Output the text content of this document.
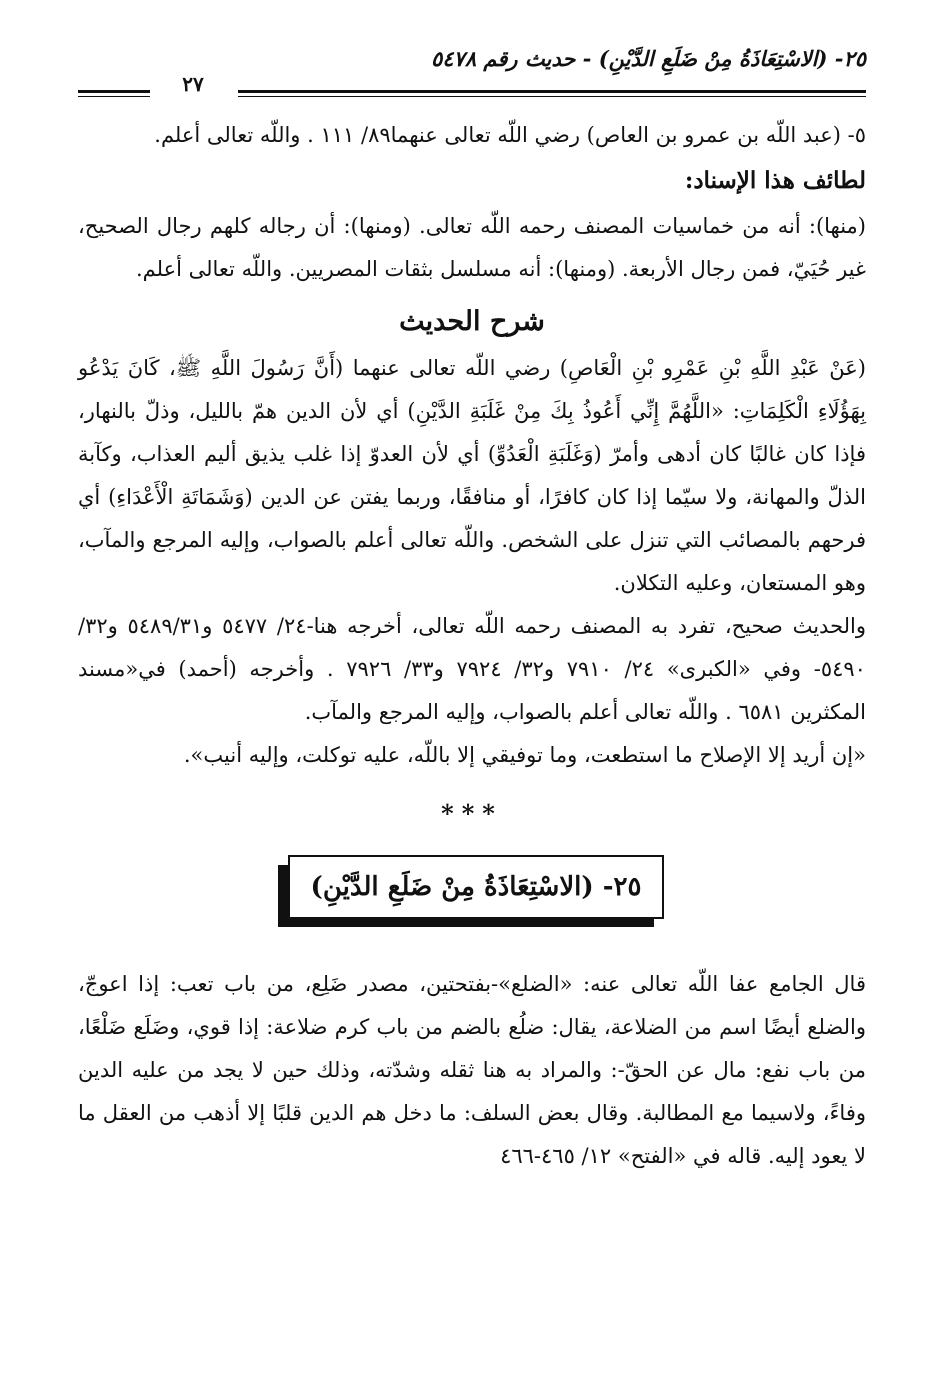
٢٥- (الاسْتِعَاذَةُ مِنْ ضَلَعِ الدَّيْنِ) - حديث رقم ٥٤٧٨
٢٧

٥- (عبد اللّه بن عمرو بن العاص) رضي اللّه تعالى عنهما٨٩/ ١١١ . واللّه تعالى أعلم.

لطائف هذا الإسناد:

(منها): أنه من خماسيات المصنف رحمه اللّه تعالى. (ومنها): أن رجاله كلهم رجال الصحيح، غير حُيَيّ، فمن رجال الأربعة. (ومنها): أنه مسلسل بثقات المصريين. واللّه تعالى أعلم.

شرح الحديث

(عَنْ عَبْدِ اللَّهِ بْنِ عَمْرِو بْنِ الْعَاصِ) رضي اللّه تعالى عنهما (أَنَّ رَسُولَ اللَّهِ ﷺ، كَانَ يَدْعُو بِهَؤُلَاءِ الْكَلِمَاتِ: «اللَّهُمَّ إِنِّي أَعُوذُ بِكَ مِنْ غَلَبَةِ الدَّيْنِ) أي لأن الدين همّ بالليل، وذلّ بالنهار، فإذا كان غالبًا كان أدهى وأمرّ (وَغَلَبَةِ الْعَدُوِّ) أي لأن العدوّ إذا غلب يذيق أليم العذاب، وكآبة الذلّ والمهانة، ولا سيّما إذا كان كافرًا، أو منافقًا، وربما يفتن عن الدين (وَشَمَاتَةِ الْأَعْدَاءِ) أي فرحهم بالمصائب التي تنزل على الشخص. واللّه تعالى أعلم بالصواب، وإليه المرجع والمآب، وهو المستعان، وعليه التكلان.

والحديث صحيح، تفرد به المصنف رحمه اللّه تعالى، أخرجه هنا-٢٤/ ٥٤٧٧ و٥٤٨٩/٣١ و٣٢/ ٥٤٩٠- وفي «الكبرى» ٢٤/ ٧٩١٠ و٣٢/ ٧٩٢٤ و٣٣/ ٧٩٢٦ . وأخرجه (أحمد) في«مسند المكثرين ٦٥٨١ . واللّه تعالى أعلم بالصواب، وإليه المرجع والمآب.

«إن أريد إلا الإصلاح ما استطعت، وما توفيقي إلا باللّه، عليه توكلت، وإليه أنيب».

***
٢٥- (الاسْتِعَاذَةُ مِنْ ضَلَعِ الدَّيْنِ)

قال الجامع عفا اللّه تعالى عنه: «الضلع»-بفتحتين، مصدر ضَلِع، من باب تعب: إذا اعوجّ، والضلع أيضًا اسم من الضلاعة، يقال: ضلُع بالضم من باب كرم ضلاعة: إذا قوي، وضَلَع ضَلْعًا، من باب نفع: مال عن الحقّ-: والمراد به هنا ثقله وشدّته، وذلك حين لا يجد من عليه الدين وفاءً، ولاسيما مع المطالبة. وقال بعض السلف: ما دخل هم الدين قلبًا إلا أذهب من العقل ما لا يعود إليه. قاله في «الفتح» ١٢/ ٤٦٥-٤٦٦
